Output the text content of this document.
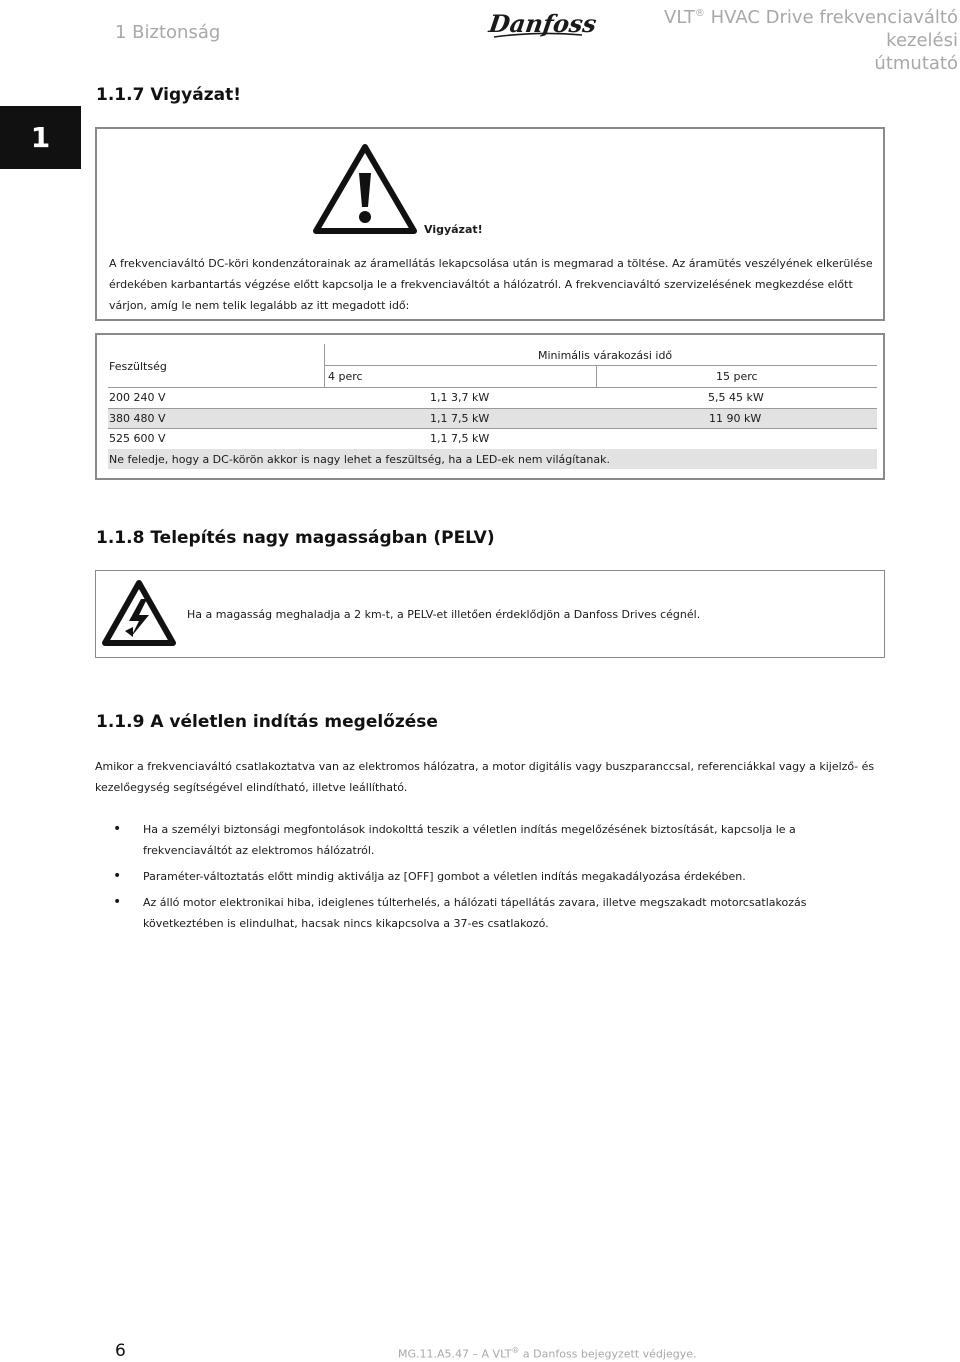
1 Biztonság	Danfoss	VLT® HVAC Drive frekvenciaváltó kezelési
útmutató
1
1.1.7 Vigyázat!
Vigyázat!
A frekvenciaváltó DC-köri kondenzátorainak az áramellátás lekapcsolása után is megmarad a töltése. Az áramütés veszélyének elkerülése érdekében karbantartás végzése előtt kapcsolja le a frekvenciaváltót a hálózatról. A frekvenciaváltó szervizelésének megkezdése előtt várjon, amíg le nem telik legalább az itt megadott idő:
Feszültség
Minimális várakozási idő
4 perc	15 perc
200 240 V	1,1 3,7 kW	5,5 45 kW
380 480 V	1,1 7,5 kW	11 90 kW
525 600 V	1,1 7,5 kW
Ne feledje, hogy a DC-körön akkor is nagy lehet a feszültség, ha a LED-ek nem világítanak.
1.1.8 Telepítés nagy magasságban (PELV)
Ha a magasság meghaladja a 2 km-t, a PELV-et illetően érdeklődjön a Danfoss Drives cégnél.
1.1.9 A véletlen indítás megelőzése
Amikor a frekvenciaváltó csatlakoztatva van az elektromos hálózatra, a motor digitális vagy buszparanccsal, referenciákkal vagy a kijelző- és kezelőegység segítségével elindítható, illetve leállítható.
• Ha a személyi biztonsági megfontolások indokolttá teszik a véletlen indítás megelőzésének biztosítását, kapcsolja le a frekvenciaváltót az elektromos hálózatról.
• Paraméter-változtatás előtt mindig aktiválja az [OFF] gombot a véletlen indítás megakadályozása érdekében.
• Az álló motor elektronikai hiba, ideiglenes túlterhelés, a hálózati tápellátás zavara, illetve megszakadt motorcsatlakozás következtében is elindulhat, hacsak nincs kikapcsolva a 37-es csatlakozó.
6	MG.11.A5.47 – A VLT® a Danfoss bejegyzett védjegye.
